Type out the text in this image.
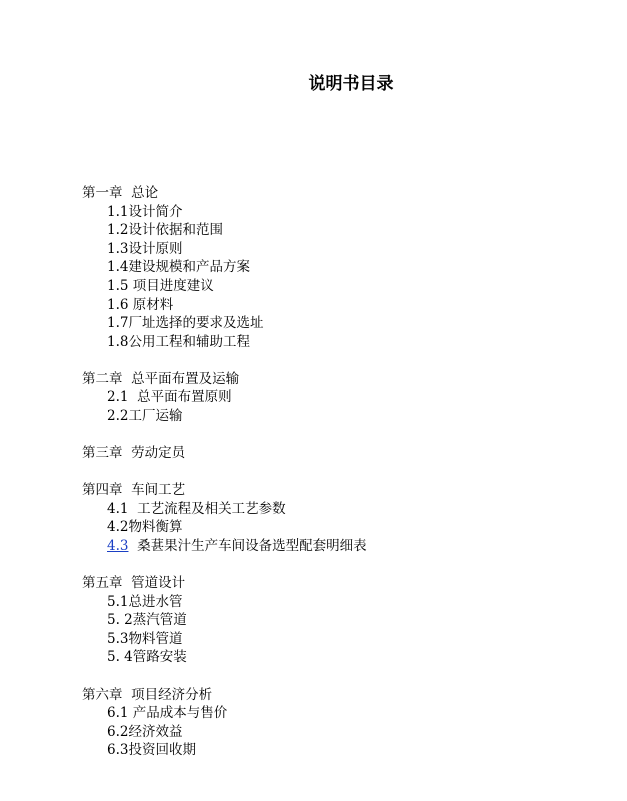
说明书目录
第一章  总论
1.1设计简介
1.2设计依据和范围
1.3设计原则
1.4建设规模和产品方案
1.5 项目进度建议
1.6 原材料
1.7厂址选择的要求及选址
1.8公用工程和辅助工程
第二章  总平面布置及运输
2.1  总平面布置原则
2.2工厂运输
第三章  劳动定员
第四章  车间工艺
4.1  工艺流程及相关工艺参数
4.2物料衡算
4.3  桑葚果汁生产车间设备选型配套明细表
第五章  管道设计
5.1总进水管
5. 2蒸汽管道
5.3物料管道
5. 4管路安装
第六章  项目经济分析
6.1 产品成本与售价
6.2经济效益
6.3投资回收期
